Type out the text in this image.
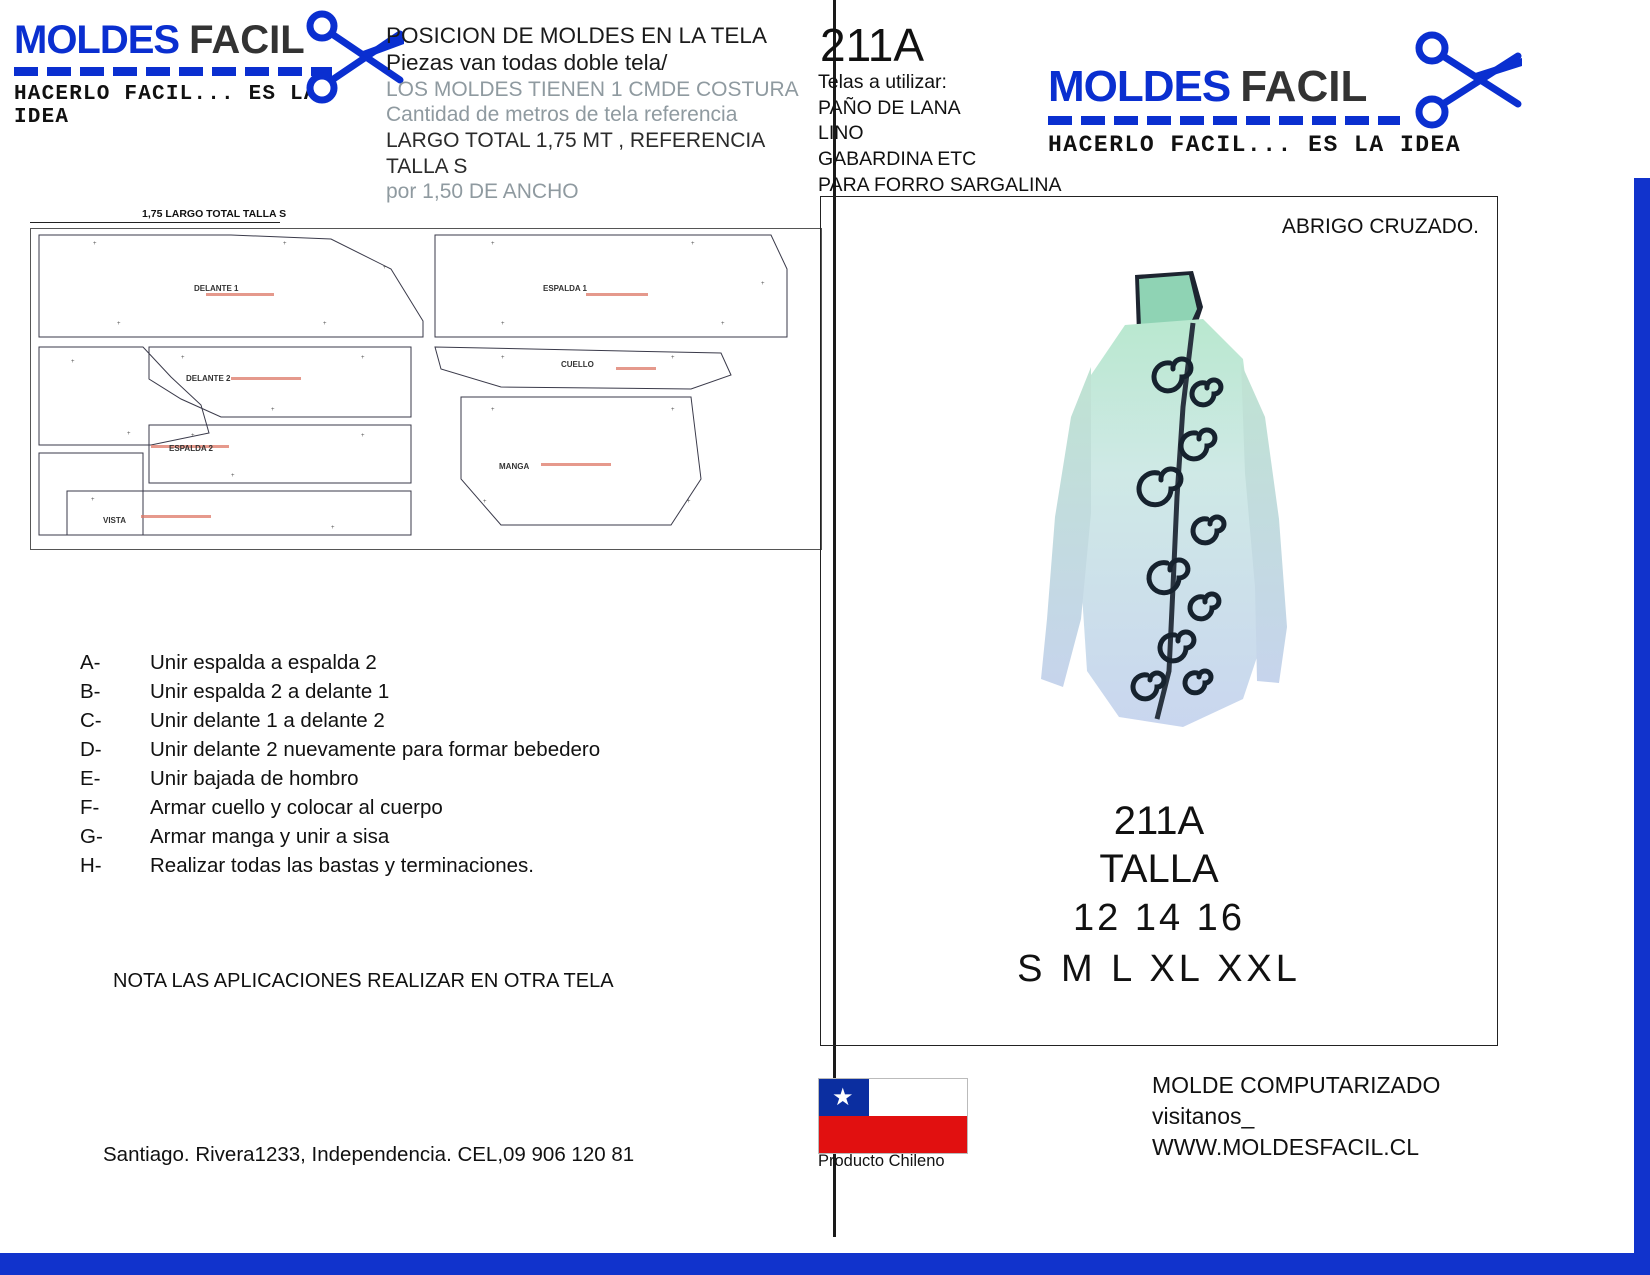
MOLDES FACIL
HACERLO FACIL... ES LA IDEA
POSICION DE MOLDES EN LA TELA
Piezas van todas doble tela/
LOS MOLDES TIENEN 1 CMDE COSTURA
Cantidad de metros de tela referencia
LARGO TOTAL 1,75 MT , REFERENCIA TALLA S
por 1,50 DE ANCHO
1,75 LARGO TOTAL TALLA S
DELANTE 1	ESPALDA 1
DELANTE 2
CUELLO
ESPALDA 2
MANGA
VISTA
+	+
+
+	+
+	+
+
+	+
+	+
+
+
+
+	+
+	+
+
+
+
+	+
+	+
A-	Unir espalda a espalda 2
B-	Unir espalda 2 a delante 1
C-	Unir delante 1 a delante 2
D-	Unir delante 2 nuevamente para formar bebedero
E-	Unir bajada de hombro
F-	Armar cuello y colocar al cuerpo
G-	Armar manga y unir a sisa
H-	Realizar todas las bastas y terminaciones.
NOTA LAS APLICACIONES REALIZAR EN OTRA TELA
Santiago. Rivera1233, Independencia. CEL,09 906 120 81
211A
Telas a utilizar:
PAÑO DE LANA
LINO
GABARDINA ETC
PARA FORRO SARGALINA
MOLDES FACIL
HACERLO FACIL... ES LA IDEA
ABRIGO CRUZADO.
211A
TALLA
12 14 16
S M L XL XXL
★
Producto Chileno
MOLDE COMPUTARIZADO
visitanos_
WWW.MOLDESFACIL.CL
